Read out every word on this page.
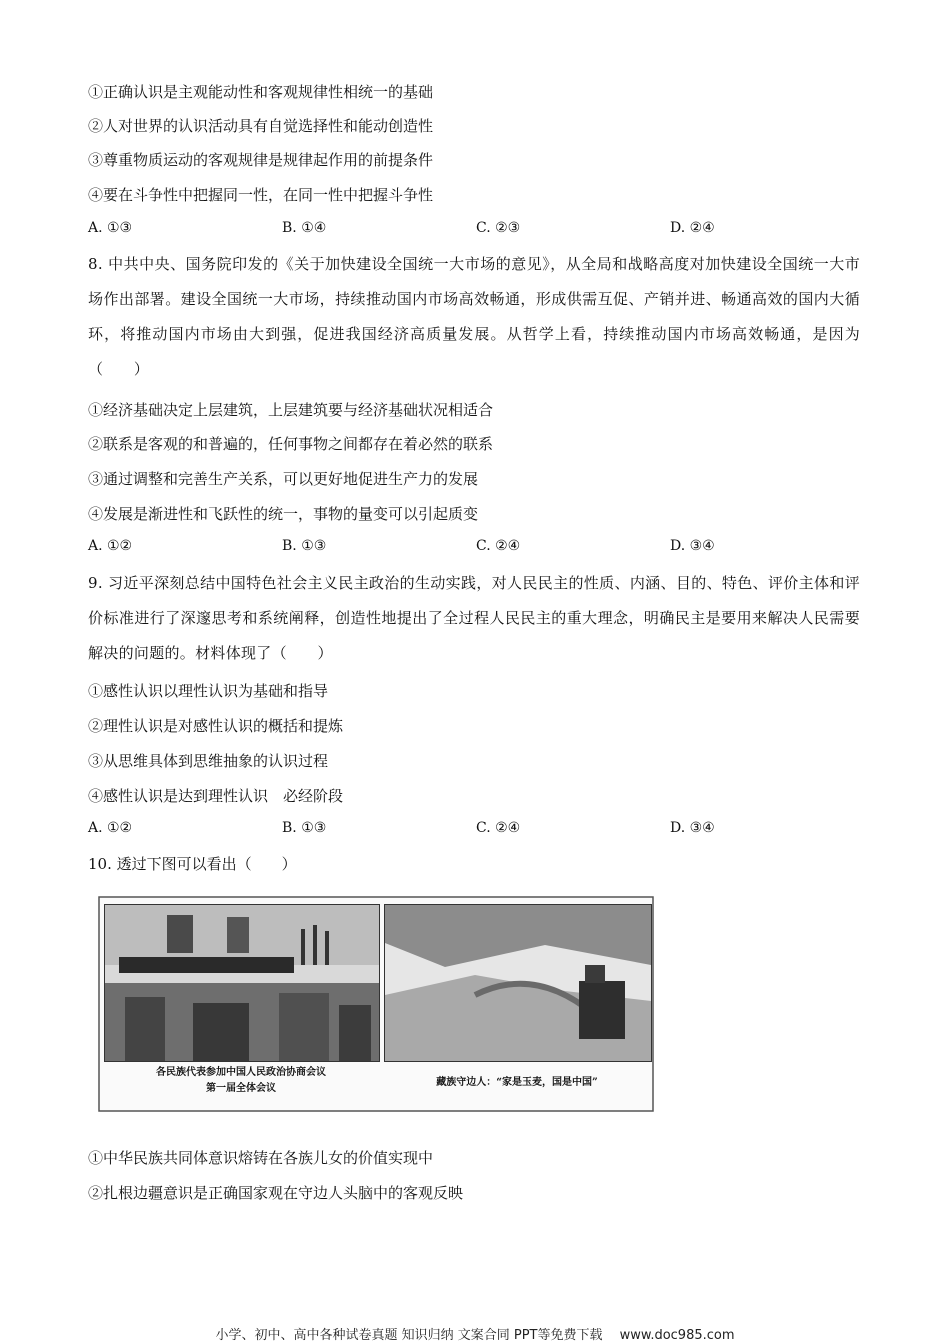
①正确认识是主观能动性和客观规律性相统一的基础
②人对世界的认识活动具有自觉选择性和能动创造性
③尊重物质运动的客观规律是规律起作用的前提条件
④要在斗争性中把握同一性，在同一性中把握斗争性
A. ①③	B. ①④	C. ②③	D. ②④
8. 中共中央、国务院印发的《关于加快建设全国统一大市场的意见》，从全局和战略高度对加快建设全国统一大市场作出部署。建设全国统一大市场，持续推动国内市场高效畅通，形成供需互促、产销并进、畅通高效的国内大循环，将推动国内市场由大到强，促进我国经济高质量发展。从哲学上看，持续推动国内市场高效畅通，是因为（　　）
①经济基础决定上层建筑，上层建筑要与经济基础状况相适合
②联系是客观的和普遍的，任何事物之间都存在着必然的联系
③通过调整和完善生产关系，可以更好地促进生产力的发展
④发展是渐进性和飞跃性的统一，事物的量变可以引起质变
A. ①②	B. ①③	C. ②④	D. ③④
9. 习近平深刻总结中国特色社会主义民主政治的生动实践，对人民民主的性质、内涵、目的、特色、评价主体和评价标准进行了深邃思考和系统阐释，创造性地提出了全过程人民民主的重大理念，明确民主是要用来解决人民需要解决的问题的。材料体现了（　　）
①感性认识以理性认识为基础和指导
②理性认识是对感性认识的概括和提炼
③从思维具体到思维抽象的认识过程
④感性认识是达到理性认识　必经阶段
A. ①②	B. ①③	C. ②④	D. ③④
10. 透过下图可以看出（　　）
各民族代表参加中国人民政治协商会议
第一届全体会议
藏族守边人：“家是玉麦，国是中国”
①中华民族共同体意识熔铸在各族儿女的价值实现中
②扎根边疆意识是正确国家观在守边人头脑中的客观反映
小学、初中、高中各种试卷真题 知识归纳 文案合同 PPT等免费下载　 www.doc985.com
